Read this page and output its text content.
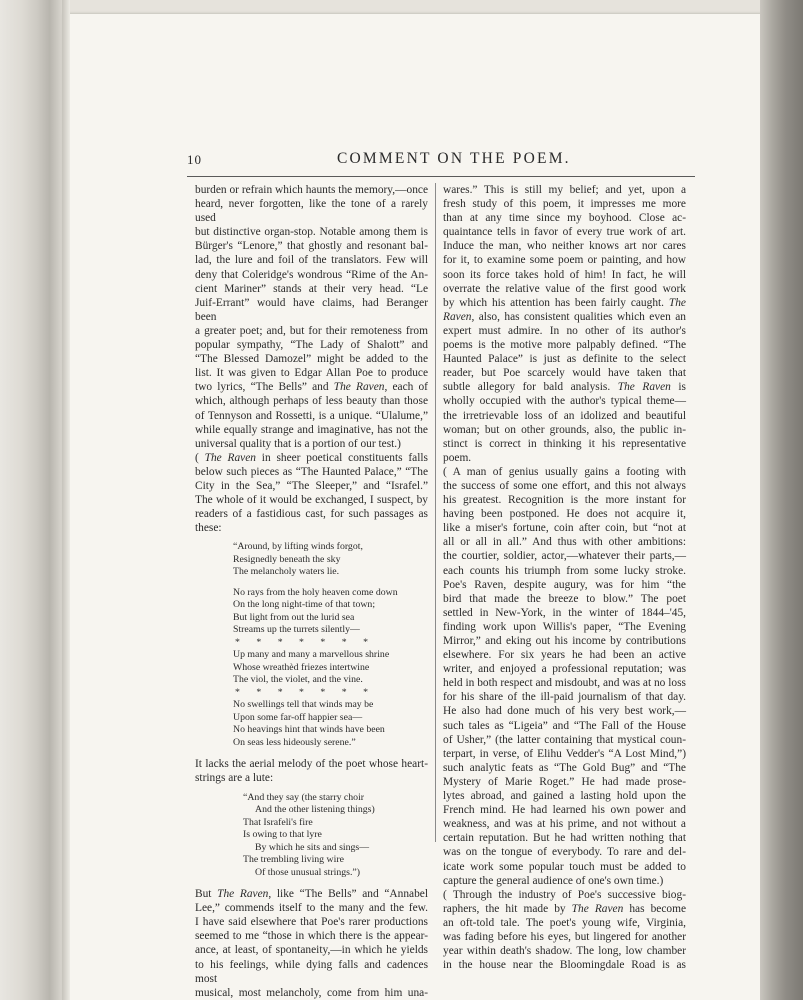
10	COMMENT ON THE POEM.

burden or refrain which haunts the memory,—once

heard, never forgotten, like the tone of a rarely used

but distinctive organ-stop. Notable among them is

Bürger's “Lenore,” that ghostly and resonant bal-

lad, the lure and foil of the translators. Few will

deny that Coleridge's wondrous “Rime of the An-

cient Mariner” stands at their very head. “Le

Juif-Errant” would have claims, had Beranger been

a greater poet; and, but for their remoteness from

popular sympathy, “The Lady of Shalott” and

“The Blessed Damozel” might be added to the

list. It was given to Edgar Allan Poe to produce

two lyrics, “The Bells” and The Raven, each of

which, although perhaps of less beauty than those

of Tennyson and Rossetti, is a unique. “Ulalume,”

while equally strange and imaginative, has not the

universal quality that is a portion of our test.)

( The Raven in sheer poetical constituents falls

below such pieces as “The Haunted Palace,” “The

City in the Sea,” “The Sleeper,” and “Israfel.”

The whole of it would be exchanged, I suspect, by

readers of a fastidious cast, for such passages as

these:

“Around, by lifting winds forgot,
Resignedly beneath the sky
The melancholy waters lie.
No rays from the holy heaven come down
On the long night-time of that town;
But light from out the lurid sea
Streams up the turrets silently—
* * * * * * *
Up many and many a marvellous shrine
Whose wreathèd friezes intertwine
The viol, the violet, and the vine.
* * * * * * *
No swellings tell that winds may be
Upon some far-off happier sea—
No heavings hint that winds have been
On seas less hideously serene.”

It lacks the aerial melody of the poet whose heart-

strings are a lute:

“And they say (the starry choir
And the other listening things)
That Israfeli's fire
Is owing to that lyre
By which he sits and sings—
The trembling living wire
Of those unusual strings.”)

But The Raven, like “The Bells” and “Annabel

Lee,” commends itself to the many and the few.

I have said elsewhere that Poe's rarer productions

seemed to me “those in which there is the appear-

ance, at least, of spontaneity,—in which he yields

to his feelings, while dying falls and cadences most

musical, most melancholy, come from him una-

wares.” This is still my belief; and yet, upon a

fresh study of this poem, it impresses me more

than at any time since my boyhood. Close ac-

quaintance tells in favor of every true work of art.

Induce the man, who neither knows art nor cares

for it, to examine some poem or painting, and how

soon its force takes hold of him! In fact, he will

overrate the relative value of the first good work

by which his attention has been fairly caught. The

Raven, also, has consistent qualities which even an

expert must admire. In no other of its author's

poems is the motive more palpably defined. “The

Haunted Palace” is just as definite to the select

reader, but Poe scarcely would have taken that

subtle allegory for bald analysis. The Raven is

wholly occupied with the author's typical theme—

the irretrievable loss of an idolized and beautiful

woman; but on other grounds, also, the public in-

stinct is correct in thinking it his representative

poem.

( A man of genius usually gains a footing with

the success of some one effort, and this not always

his greatest. Recognition is the more instant for

having been postponed. He does not acquire it,

like a miser's fortune, coin after coin, but “not at

all or all in all.” And thus with other ambitions:

the courtier, soldier, actor,—whatever their parts,—

each counts his triumph from some lucky stroke.

Poe's Raven, despite augury, was for him “the

bird that made the breeze to blow.” The poet

settled in New-York, in the winter of 1844–'45,

finding work upon Willis's paper, “The Evening

Mirror,” and eking out his income by contributions

elsewhere. For six years he had been an active

writer, and enjoyed a professional reputation; was

held in both respect and misdoubt, and was at no loss

for his share of the ill-paid journalism of that day.

He also had done much of his very best work,—

such tales as “Ligeia” and “The Fall of the House

of Usher,” (the latter containing that mystical coun-

terpart, in verse, of Elihu Vedder's “A Lost Mind,”)

such analytic feats as “The Gold Bug” and “The

Mystery of Marie Roget.” He had made prose-

lytes abroad, and gained a lasting hold upon the

French mind. He had learned his own power and

weakness, and was at his prime, and not without a

certain reputation. But he had written nothing that

was on the tongue of everybody. To rare and del-

icate work some popular touch must be added to

capture the general audience of one's own time.)

( Through the industry of Poe's successive biog-

raphers, the hit made by The Raven has become

an oft-told tale. The poet's young wife, Virginia,

was fading before his eyes, but lingered for another

year within death's shadow. The long, low chamber

in the house near the Bloomingdale Road is as
